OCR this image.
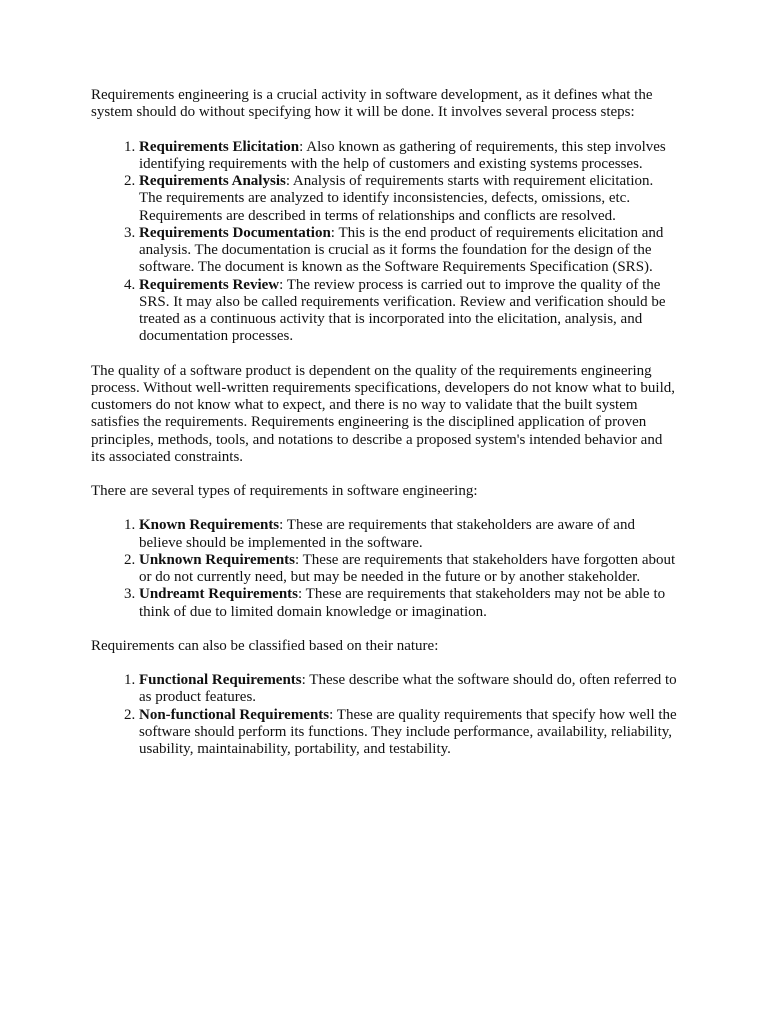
Requirements engineering is a crucial activity in software development, as it defines what the system should do without specifying how it will be done. It involves several process steps:

1. Requirements Elicitation: Also known as gathering of requirements, this step involves identifying requirements with the help of customers and existing systems processes.
2. Requirements Analysis: Analysis of requirements starts with requirement elicitation. The requirements are analyzed to identify inconsistencies, defects, omissions, etc. Requirements are described in terms of relationships and conflicts are resolved.
3. Requirements Documentation: This is the end product of requirements elicitation and analysis. The documentation is crucial as it forms the foundation for the design of the software. The document is known as the Software Requirements Specification (SRS).
4. Requirements Review: The review process is carried out to improve the quality of the SRS. It may also be called requirements verification. Review and verification should be treated as a continuous activity that is incorporated into the elicitation, analysis, and documentation processes.

The quality of a software product is dependent on the quality of the requirements engineering process. Without well-written requirements specifications, developers do not know what to build, customers do not know what to expect, and there is no way to validate that the built system satisfies the requirements. Requirements engineering is the disciplined application of proven principles, methods, tools, and notations to describe a proposed system's intended behavior and its associated constraints.

There are several types of requirements in software engineering:

1. Known Requirements: These are requirements that stakeholders are aware of and believe should be implemented in the software.
2. Unknown Requirements: These are requirements that stakeholders have forgotten about or do not currently need, but may be needed in the future or by another stakeholder.
3. Undreamt Requirements: These are requirements that stakeholders may not be able to think of due to limited domain knowledge or imagination.

Requirements can also be classified based on their nature:

1. Functional Requirements: These describe what the software should do, often referred to as product features.
2. Non-functional Requirements: These are quality requirements that specify how well the software should perform its functions. They include performance, availability, reliability, usability, maintainability, portability, and testability.
